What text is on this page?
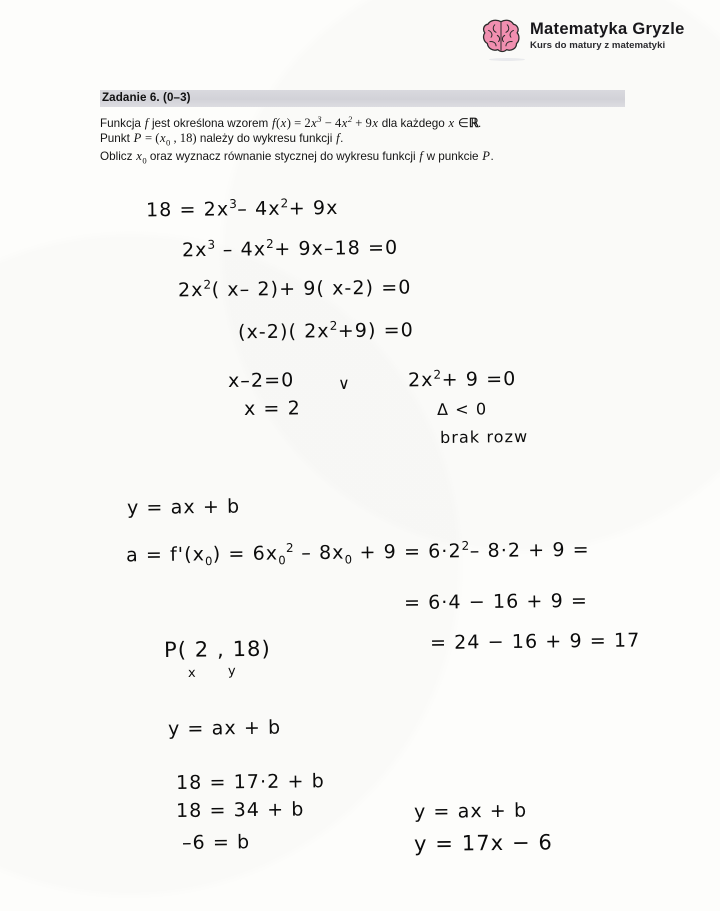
Matematyka Gryzle
Kurs do matury z matematyki
Zadanie 6. (0–3)
Funkcja f jest określona wzorem $f(x) = 2x^3 - 4x^2 + 9x$ dla każdego x ∈ℝ.
Punkt $P = (x_0$ , 18) należy do wykresu funkcji f.
Oblicz $x_0$ oraz wyznacz równanie stycznej do wykresu funkcji f w punkcie P.
$18 = 2x^3-$ $4x^2+ 9x$
$2x^3 - 4x^2+ 9x-18 =0$
$2x^2$( x– 2)+ 9( x-2) =0
(x-2)( $2x^2+9) =0$
x–2=0
x = 2
∨	$2x^2+ 9 =0$
Δ < 0
brak rozw
y = ax + b
$a = f'(x_0) = 6x_0^2 - 8x_0 + 9 = 6\cdot 2^2-$ 8·2 + 9 =
= 6·4 − 16 + 9 =
= 24 − 16 + 9 = 17
P( 2 , 18)
x y
y = ax + b
18 = 17·2 + b
18 = 34 + b
–6 = b
y = ax + b
y = 17x − 6
